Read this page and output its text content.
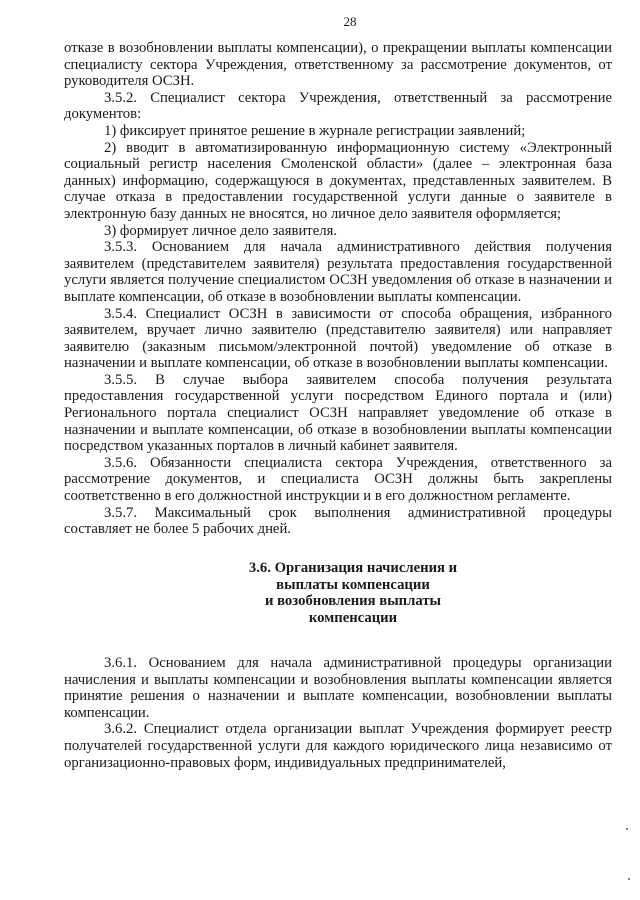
28

отказе в возобновлении выплаты компенсации), о прекращении выплаты компенсации специалисту сектора Учреждения, ответственному за рассмотрение документов, от руководителя ОСЗН.

3.5.2. Специалист сектора Учреждения, ответственный за рассмотрение документов:

1) фиксирует принятое решение в журнале регистрации заявлений;

2) вводит в автоматизированную информационную систему «Электронный социальный регистр населения Смоленской области» (далее – электронная база данных) информацию, содержащуюся в документах, представленных заявителем. В случае отказа в предоставлении государственной услуги данные о заявителе в электронную базу данных не вносятся, но личное дело заявителя оформляется;

3) формирует личное дело заявителя.

3.5.3. Основанием для начала административного действия получения заявителем (представителем заявителя) результата предоставления государственной услуги является получение специалистом ОСЗН уведомления об отказе в назначении и выплате компенсации, об отказе в возобновлении выплаты компенсации.

3.5.4. Специалист ОСЗН в зависимости от способа обращения, избранного заявителем, вручает лично заявителю (представителю заявителя) или направляет заявителю (заказным письмом/электронной почтой) уведомление об отказе в назначении и выплате компенсации, об отказе в возобновлении выплаты компенсации.

3.5.5. В случае выбора заявителем способа получения результата предоставления государственной услуги посредством Единого портала и (или) Регионального портала специалист ОСЗН направляет уведомление об отказе в назначении и выплате компенсации, об отказе в возобновлении выплаты компенсации посредством указанных порталов в личный кабинет заявителя.

3.5.6. Обязанности специалиста сектора Учреждения, ответственного за рассмотрение документов, и специалиста ОСЗН должны быть закреплены соответственно в его должностной инструкции и в его должностном регламенте.

3.5.7. Максимальный срок выполнения административной процедуры составляет не более 5 рабочих дней.

3.6. Организация начисления и
выплаты компенсации
и возобновления выплаты
компенсации

3.6.1. Основанием для начала административной процедуры организации начисления и выплаты компенсации и возобновления выплаты компенсации является принятие решения о назначении и выплате компенсации, возобновлении выплаты компенсации.

3.6.2. Специалист отдела организации выплат Учреждения формирует реестр получателей государственной услуги для каждого юридического лица независимо от организационно-правовых форм, индивидуальных предпринимателей,
